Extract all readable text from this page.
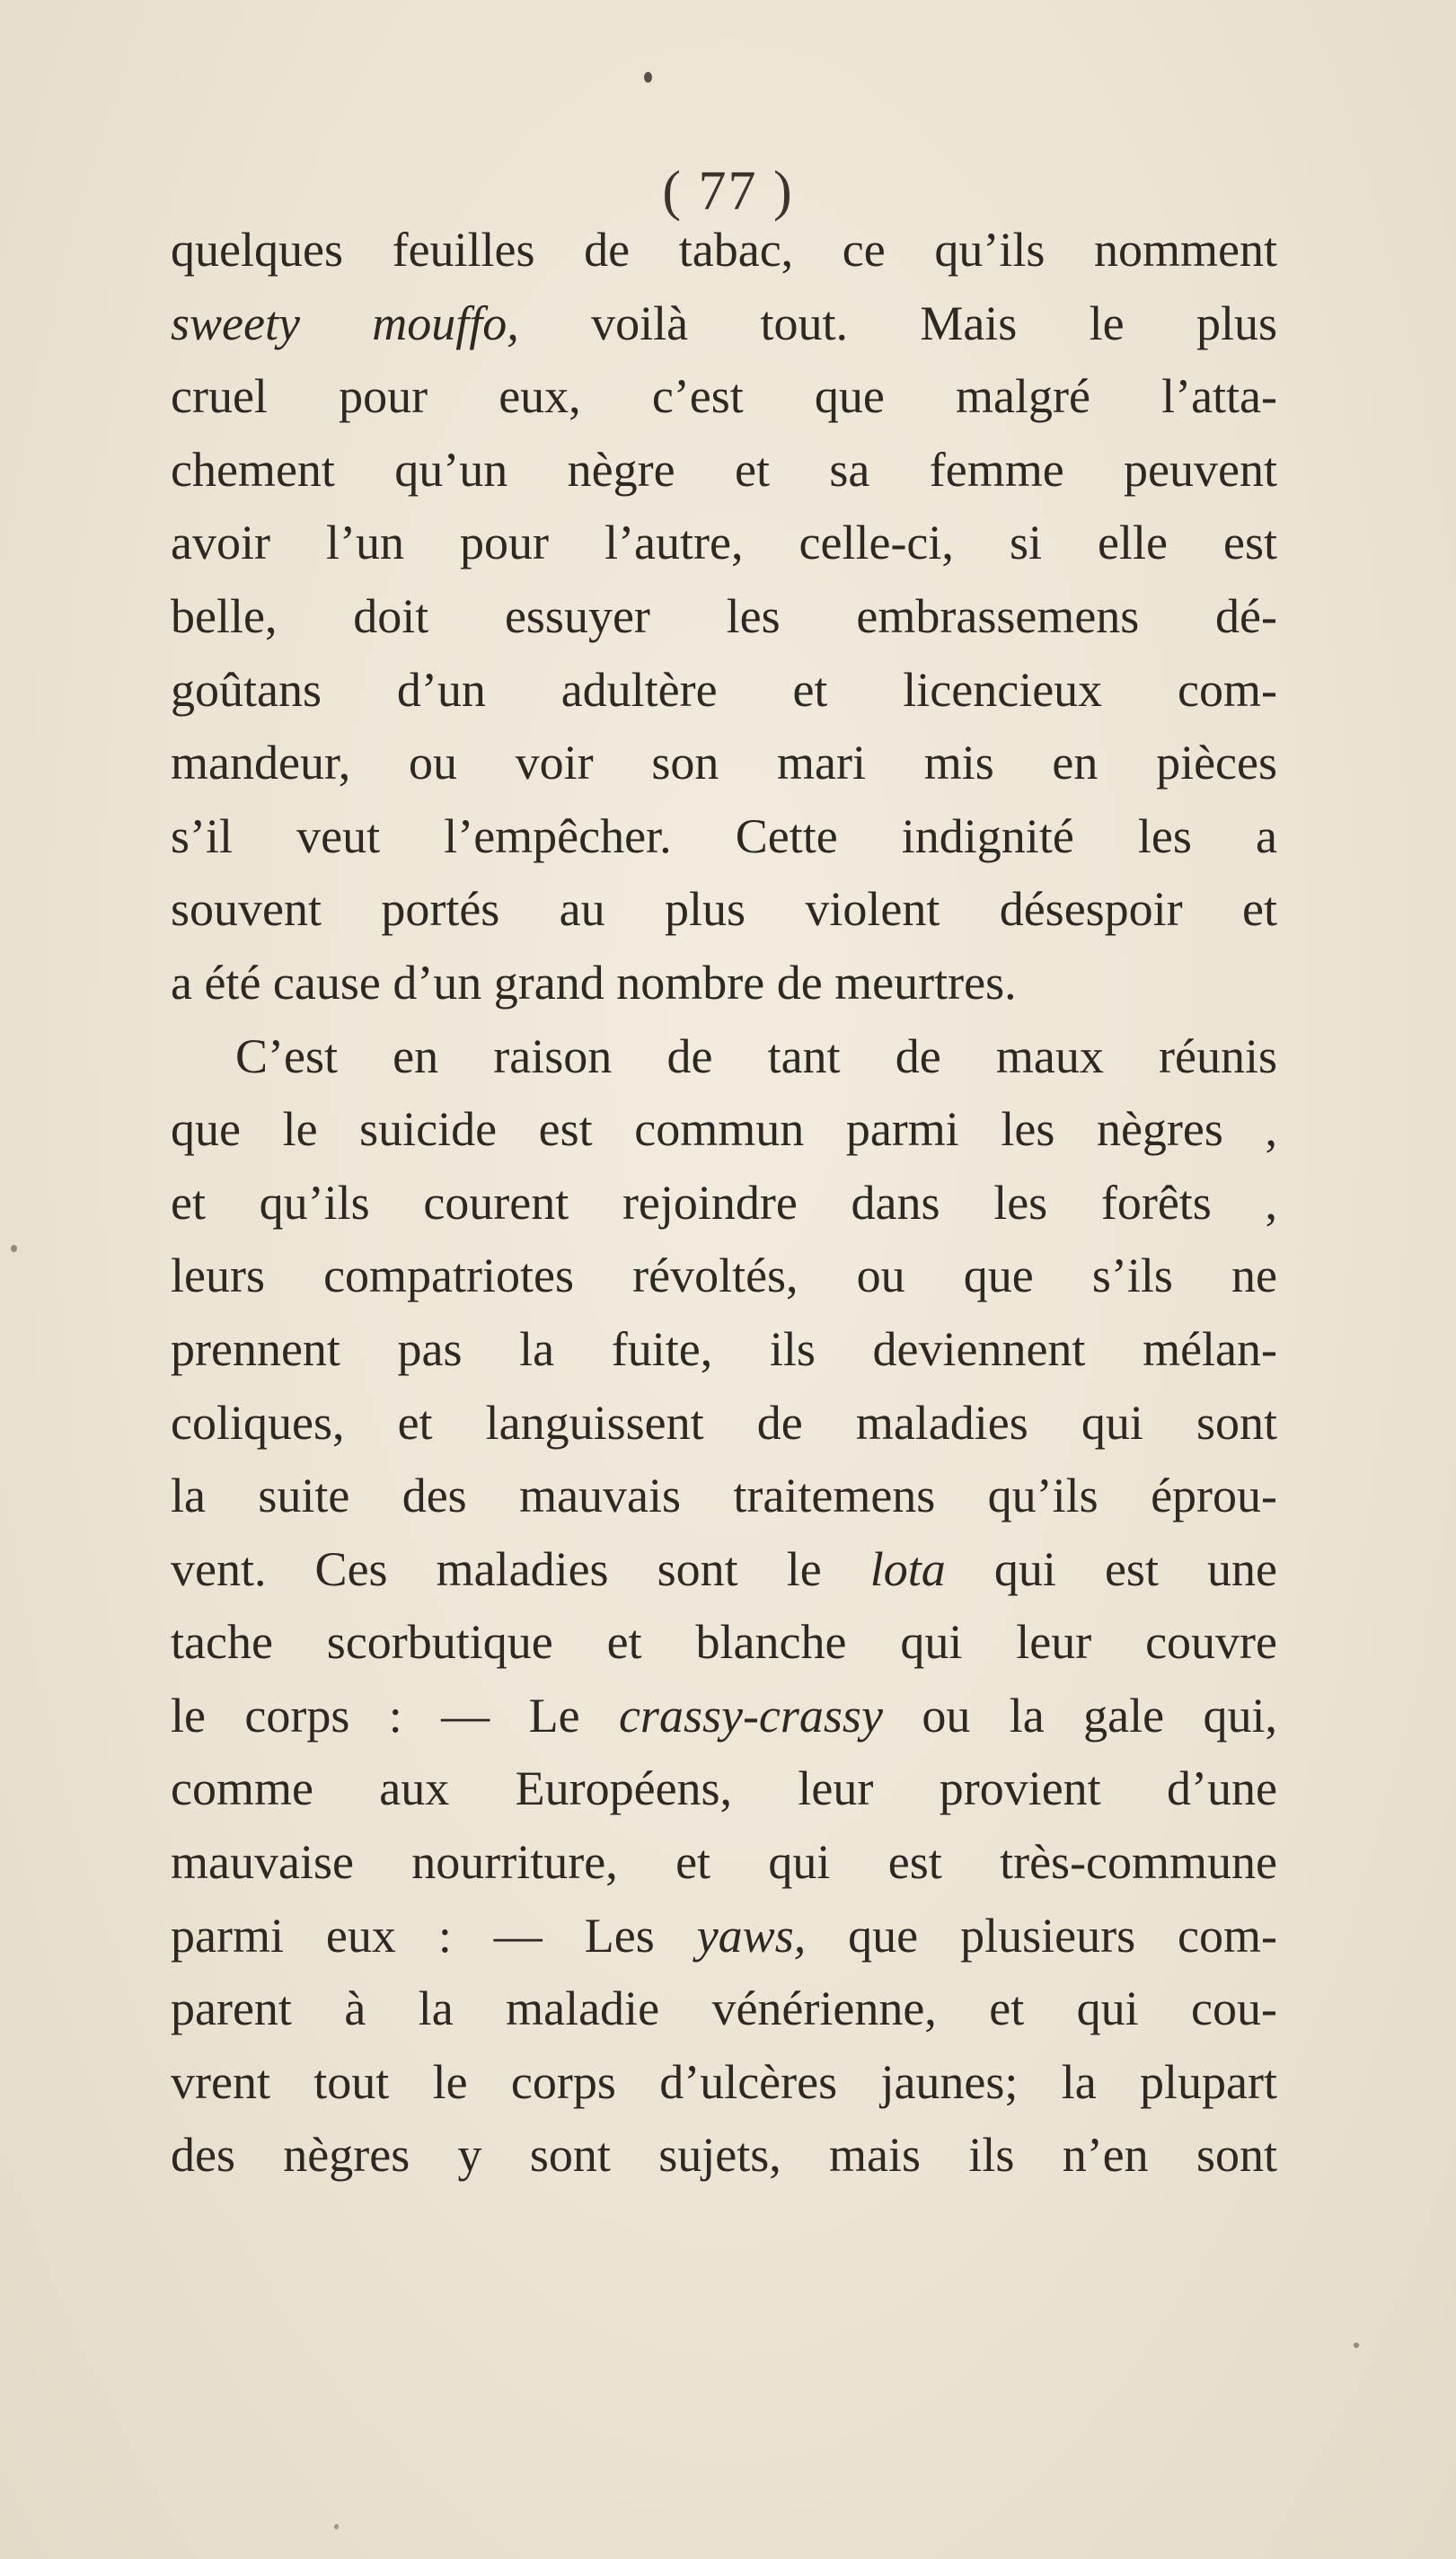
( 77 )
quelques feuilles de tabac, ce qu’ils nomment
sweety mouffo, voilà tout. Mais le plus
cruel pour eux, c’est que malgré l’atta-
chement qu’un nègre et sa femme peuvent
avoir l’un pour l’autre, celle-ci, si elle est
belle, doit essuyer les embrassemens dé-
goûtans d’un adultère et licencieux com-
mandeur, ou voir son mari mis en pièces
s’il veut l’empêcher. Cette indignité les a
souvent portés au plus violent désespoir et
a été cause d’un grand nombre de meurtres.
C’est en raison de tant de maux réunis
que le suicide est commun parmi les nègres ,
et qu’ils courent rejoindre dans les forêts ,
leurs compatriotes révoltés, ou que s’ils ne
prennent pas la fuite, ils deviennent mélan-
coliques, et languissent de maladies qui sont
la suite des mauvais traitemens qu’ils éprou-
vent. Ces maladies sont le lota qui est une
tache scorbutique et blanche qui leur couvre
le corps : — Le crassy-crassy ou la gale qui,
comme aux Européens, leur provient d’une
mauvaise nourriture, et qui est très-commune
parmi eux : — Les yaws, que plusieurs com-
parent à la maladie vénérienne, et qui cou-
vrent tout le corps d’ulcères jaunes; la plupart
des nègres y sont sujets, mais ils n’en sont
